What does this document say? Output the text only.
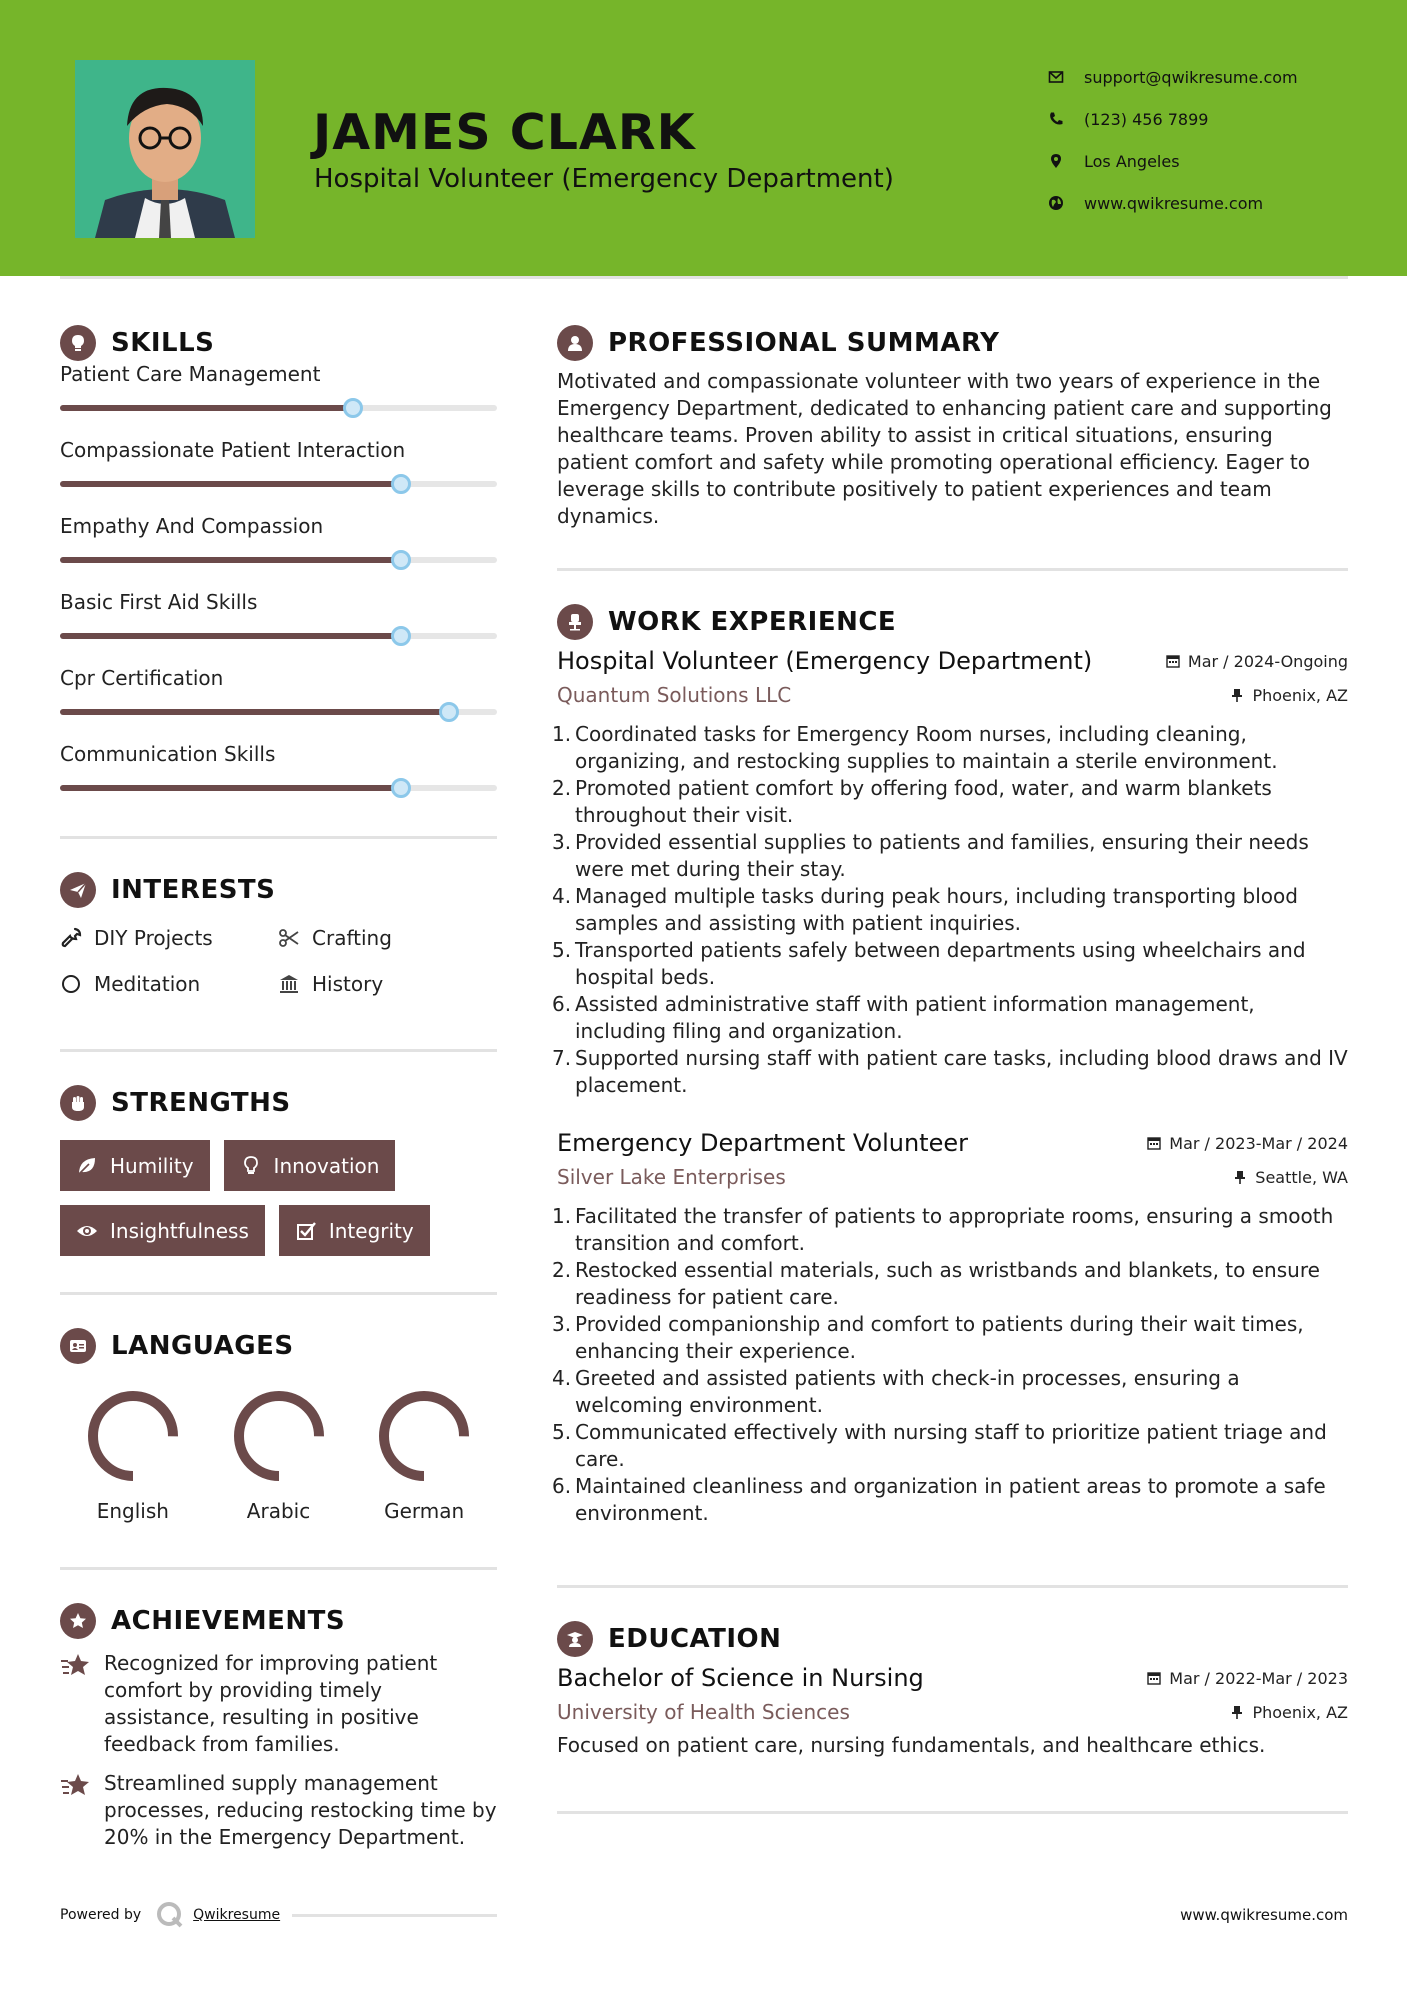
JAMES CLARK
Hospital Volunteer (Emergency Department)
support@qwikresume.com
(123) 456 7899
Los Angeles
www.qwikresume.com
SKILLS
Patient Care Management
Compassionate Patient Interaction
Empathy And Compassion
Basic First Aid Skills
Cpr Certification
Communication Skills
INTERESTS
DIY Projects	Crafting
Meditation	History
STRENGTHS
Humility	Innovation
Insightfulness	Integrity
LANGUAGES
English	Arabic	German
ACHIEVEMENTS
Recognized for improving patient comfort by providing timely assistance, resulting in positive feedback from families.
Streamlined supply management processes, reducing restocking time by 20% in the Emergency Department.
Powered by	Qwikresume	www.qwikresume.com
PROFESSIONAL SUMMARY
Motivated and compassionate volunteer with two years of experience in the Emergency Department, dedicated to enhancing patient care and supporting healthcare teams. Proven ability to assist in critical situations, ensuring patient comfort and safety while promoting operational efficiency. Eager to leverage skills to contribute positively to patient experiences and team dynamics.
WORK EXPERIENCE
Hospital Volunteer (Emergency Department)	Mar / 2024-Ongoing
Quantum Solutions LLC	Phoenix, AZ
Coordinated tasks for Emergency Room nurses, including cleaning, organizing, and restocking supplies to maintain a sterile environment.
Promoted patient comfort by offering food, water, and warm blankets throughout their visit.
Provided essential supplies to patients and families, ensuring their needs were met during their stay.
Managed multiple tasks during peak hours, including transporting blood samples and assisting with patient inquiries.
Transported patients safely between departments using wheelchairs and hospital beds.
Assisted administrative staff with patient information management, including filing and organization.
Supported nursing staff with patient care tasks, including blood draws and IV placement.
Emergency Department Volunteer	Mar / 2023-Mar / 2024
Silver Lake Enterprises	Seattle, WA
Facilitated the transfer of patients to appropriate rooms, ensuring a smooth transition and comfort.
Restocked essential materials, such as wristbands and blankets, to ensure readiness for patient care.
Provided companionship and comfort to patients during their wait times, enhancing their experience.
Greeted and assisted patients with check-in processes, ensuring a welcoming environment.
Communicated effectively with nursing staff to prioritize patient triage and care.
Maintained cleanliness and organization in patient areas to promote a safe environment.
EDUCATION
Bachelor of Science in Nursing	Mar / 2022-Mar / 2023
University of Health Sciences	Phoenix, AZ
Focused on patient care, nursing fundamentals, and healthcare ethics.
